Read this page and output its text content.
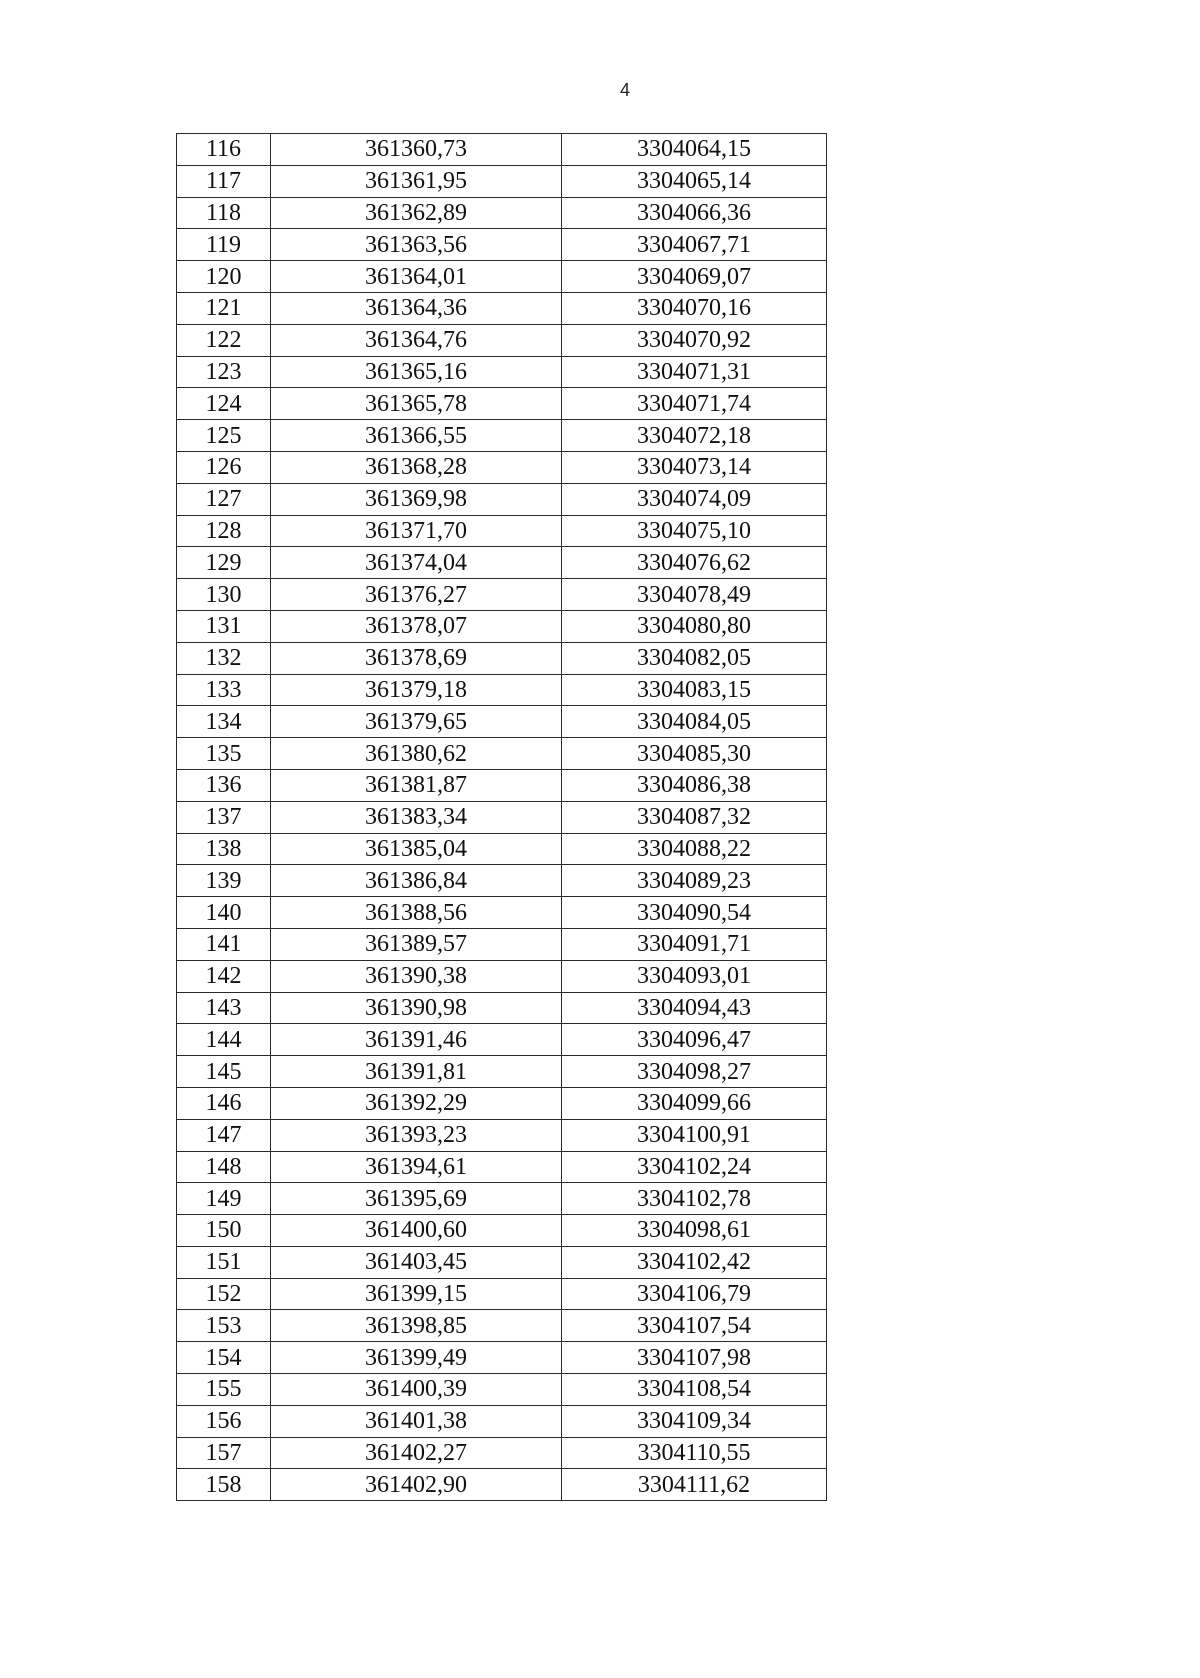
4
116	361360,73	3304064,15
117	361361,95	3304065,14
118	361362,89	3304066,36
119	361363,56	3304067,71
120	361364,01	3304069,07
121	361364,36	3304070,16
122	361364,76	3304070,92
123	361365,16	3304071,31
124	361365,78	3304071,74
125	361366,55	3304072,18
126	361368,28	3304073,14
127	361369,98	3304074,09
128	361371,70	3304075,10
129	361374,04	3304076,62
130	361376,27	3304078,49
131	361378,07	3304080,80
132	361378,69	3304082,05
133	361379,18	3304083,15
134	361379,65	3304084,05
135	361380,62	3304085,30
136	361381,87	3304086,38
137	361383,34	3304087,32
138	361385,04	3304088,22
139	361386,84	3304089,23
140	361388,56	3304090,54
141	361389,57	3304091,71
142	361390,38	3304093,01
143	361390,98	3304094,43
144	361391,46	3304096,47
145	361391,81	3304098,27
146	361392,29	3304099,66
147	361393,23	3304100,91
148	361394,61	3304102,24
149	361395,69	3304102,78
150	361400,60	3304098,61
151	361403,45	3304102,42
152	361399,15	3304106,79
153	361398,85	3304107,54
154	361399,49	3304107,98
155	361400,39	3304108,54
156	361401,38	3304109,34
157	361402,27	3304110,55
158	361402,90	3304111,62
